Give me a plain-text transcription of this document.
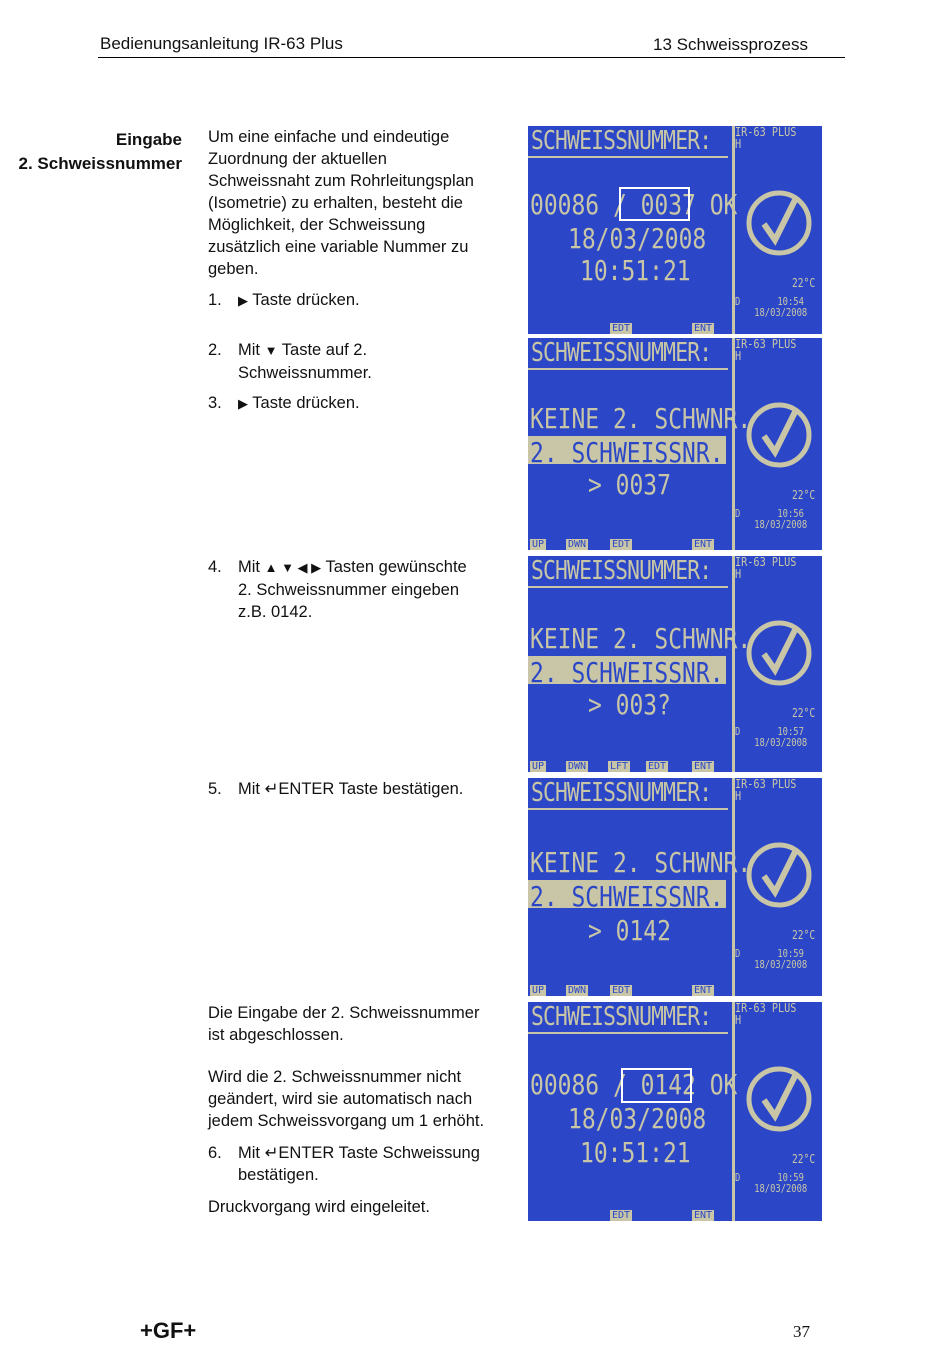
Bedienungsanleitung IR-63 Plus	13 Schweissprozess
Eingabe
2. Schweissnummer

Um eine einfache und eindeutige

Zuordnung der aktuellen

Schweissnaht zum Rohrleitungsplan

(Isometrie) zu erhalten, besteht die

Möglichkeit, der Schweissung

zusätzlich eine variable Nummer zu

geben.

1. ▶ Taste drücken.
2. Mit ▼ Taste auf 2.
Schweissnummer.
3. ▶ Taste drücken.
4. Mit ▲ ▼ ◀ ▶ Tasten gewünschte
2. Schweissnummer eingeben
z.B. 0142.
5. Mit ↵ENTER Taste bestätigen.

Die Eingabe der 2. Schweissnummer

ist abgeschlossen.

Wird die 2. Schweissnummer nicht

geändert, wird sie automatisch nach

jedem Schweissvorgang um 1 erhöht.

6. Mit ↵ENTER Taste Schweissung
bestätigen.
Druckvorgang wird eingeleitet.
SCHWEISSNUMMER: IR-63 PLUS
H
00086 / 0037 OK
18/03/2008
10:51:21	22°C
D       10:54
18/03/2008
EDT	ENT
SCHWEISSNUMMER: IR-63 PLUS
H
KEINE 2. SCHWNR.
2. SCHWEISSNR.
> 0037	22°C
D       10:56
18/03/2008
UP DWN	EDT	ENT
SCHWEISSNUMMER: IR-63 PLUS
H
KEINE 2. SCHWNR.
2. SCHWEISSNR.
> 003?	22°C
D       10:57
18/03/2008
UP DWN LFT EDT	ENT
SCHWEISSNUMMER: IR-63 PLUS
H
KEINE 2. SCHWNR.
2. SCHWEISSNR.
> 0142	22°C
D       10:59
18/03/2008
UP DWN	EDT	ENT
SCHWEISSNUMMER: IR-63 PLUS
H
00086 / 0142 OK
18/03/2008
10:51:21	22°C
D       10:59
18/03/2008
EDT	ENT
+GF+	37
